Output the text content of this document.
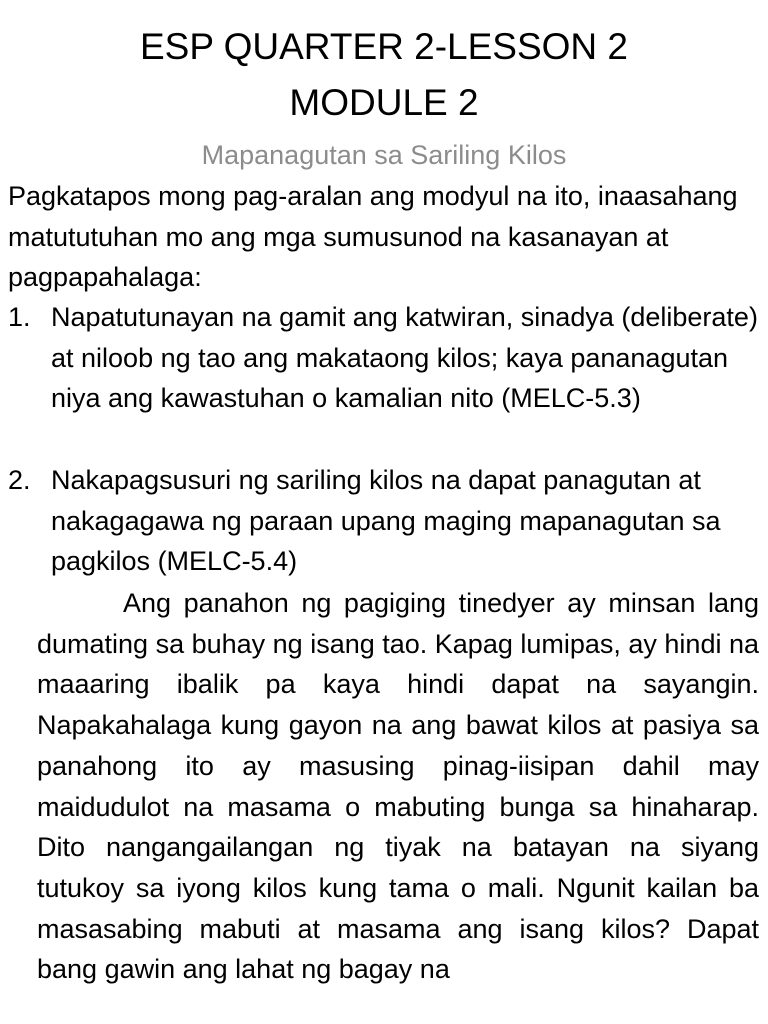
ESP QUARTER 2-LESSON 2
MODULE 2
Mapanagutan sa Sariling Kilos
Pagkatapos mong pag-aralan ang modyul na ito, inaasahang matututuhan mo ang mga sumusunod na kasanayan at pagpapahalaga:
1. Napatutunayan na gamit ang katwiran, sinadya (deliberate) at niloob ng tao ang makataong kilos; kaya pananagutan niya ang kawastuhan o kamalian nito (MELC-5.3)
2. Nakapagsusuri ng sariling kilos na dapat panagutan at nakagagawa ng paraan upang maging mapanagutan sa pagkilos (MELC-5.4)
Ang panahon ng pagiging tinedyer ay minsan lang dumating sa buhay ng isang tao. Kapag lumipas, ay hindi na maaaring ibalik pa kaya hindi dapat na sayangin. Napakahalaga kung gayon na ang bawat kilos at pasiya sa panahong ito ay masusing pinag-iisipan dahil may maidudulot na masama o mabuting bunga sa hinaharap. Dito nangangailangan ng tiyak na batayan na siyang tutukoy sa iyong kilos kung tama o mali. Ngunit kailan ba masasabing mabuti at masama ang isang kilos? Dapat bang gawin ang lahat ng bagay na
